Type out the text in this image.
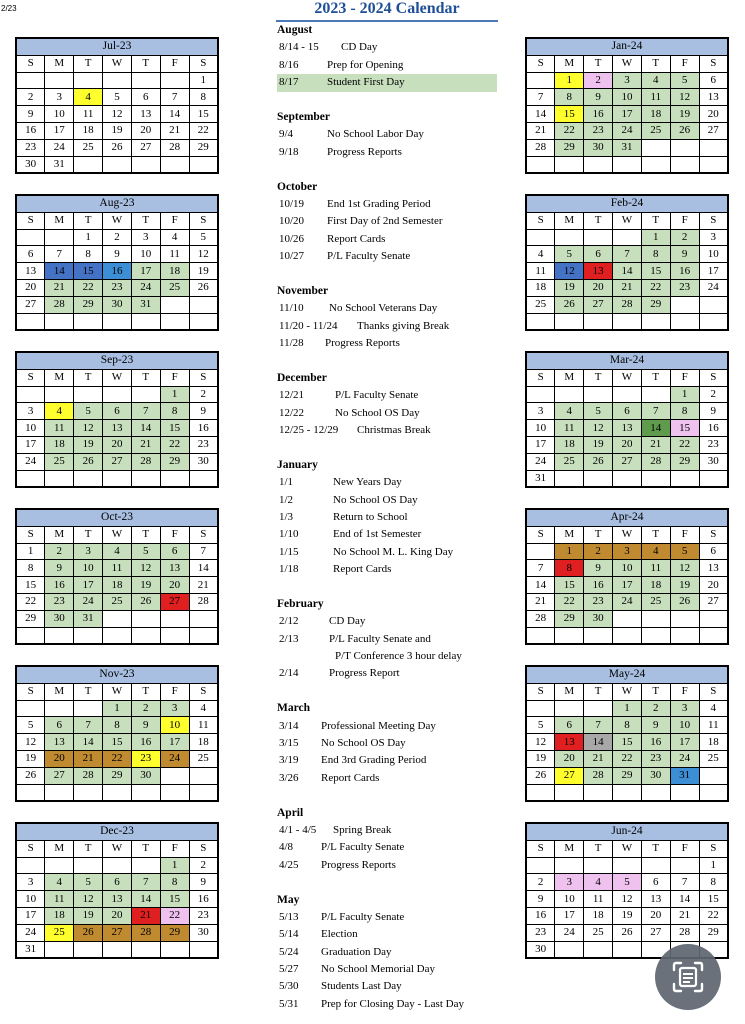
2/23	2023 - 2024 Calendar
Jul-23						
S	M	T	W	T	F	S
						1
2	3	4	5	6	7	8
9	10	11	12	13	14	15
16	17	18	19	20	21	22
23	24	25	26	27	28	29
30	31					
Aug-23						
S	M	T	W	T	F	S
		1	2	3	4	5
6	7	8	9	10	11	12
13	14	15	16	17	18	19
20	21	22	23	24	25	26
27	28	29	30	31		

Sep-23						
S	M	T	W	T	F	S
					1	2
3	4	5	6	7	8	9
10	11	12	13	14	15	16
17	18	19	20	21	22	23
24	25	26	27	28	29	30

Oct-23						
S	M	T	W	T	F	S
1	2	3	4	5	6	7
8	9	10	11	12	13	14
15	16	17	18	19	20	21
22	23	24	25	26	27	28
29	30	31				

Nov-23						
S	M	T	W	T	F	S
			1	2	3	4
5	6	7	8	9	10	11
12	13	14	15	16	17	18
19	20	21	22	23	24	25
26	27	28	29	30		

Dec-23						
S	M	T	W	T	F	S
					1	2
3	4	5	6	7	8	9
10	11	12	13	14	15	16
17	18	19	20	21	22	23
24	25	26	27	28	29	30
31						
Jan-24						
S	M	T	W	T	F	S
	1	2	3	4	5	6
7	8	9	10	11	12	13
14	15	16	17	18	19	20
21	22	23	24	25	26	27
28	29	30	31			

Feb-24						
S	M	T	W	T	F	S
				1	2	3
4	5	6	7	8	9	10
11	12	13	14	15	16	17
18	19	20	21	22	23	24
25	26	27	28	29		

Mar-24						
S	M	T	W	T	F	S
					1	2
3	4	5	6	7	8	9
10	11	12	13	14	15	16
17	18	19	20	21	22	23
24	25	26	27	28	29	30
31						
Apr-24						
S	M	T	W	T	F	S
	1	2	3	4	5	6
7	8	9	10	11	12	13
14	15	16	17	18	19	20
21	22	23	24	25	26	27
28	29	30				

May-24						
S	M	T	W	T	F	S
			1	2	3	4
5	6	7	8	9	10	11
12	13	14	15	16	17	18
19	20	21	22	23	24	25
26	27	28	29	30	31	

Jun-24						
S	M	T	W	T	F	S
						1
2	3	4	5	6	7	8
9	10	11	12	13	14	15
16	17	18	19	20	21	22
23	24	25	26	27	28	29
30						
August
8/14 - 15 CD Day
8/16	Prep for Opening
8/17	Student First Day
September
9/4	No School Labor Day
9/18	Progress Reports
October
10/19 End 1st Grading Period
10/20 First Day of 2nd Semester
10/26 Report Cards
10/27 P/L Faculty Senate
November
11/10 No School Veterans Day
11/20 - 11/24 Thanks giving Break
11/28 Progress Reports
December
12/21	P/L Faculty Senate
12/22	No School OS Day
12/25 - 12/29 Christmas Break
January
1/1	New Years Day
1/2	No School OS Day
1/3	Return to School
1/10	End of 1st Semester
1/15	No School M. L. King Day
1/18	Report Cards
February
2/12	CD Day
2/13	P/L Faculty Senate and
P/T Conference 3 hour delay
2/14	Progress Report
March
3/14 Professional Meeting Day
3/15 No School OS Day
3/19 End 3rd Grading Period
3/26 Report Cards
April
4/1 - 4/5 Spring Break
4/8	P/L Faculty Senate
4/25 Progress Reports
May
5/13 P/L Faculty Senate
5/14 Election
5/24 Graduation Day
5/27 No School Memorial Day
5/30 Students Last Day
5/31 Prep for Closing Day - Last Day
